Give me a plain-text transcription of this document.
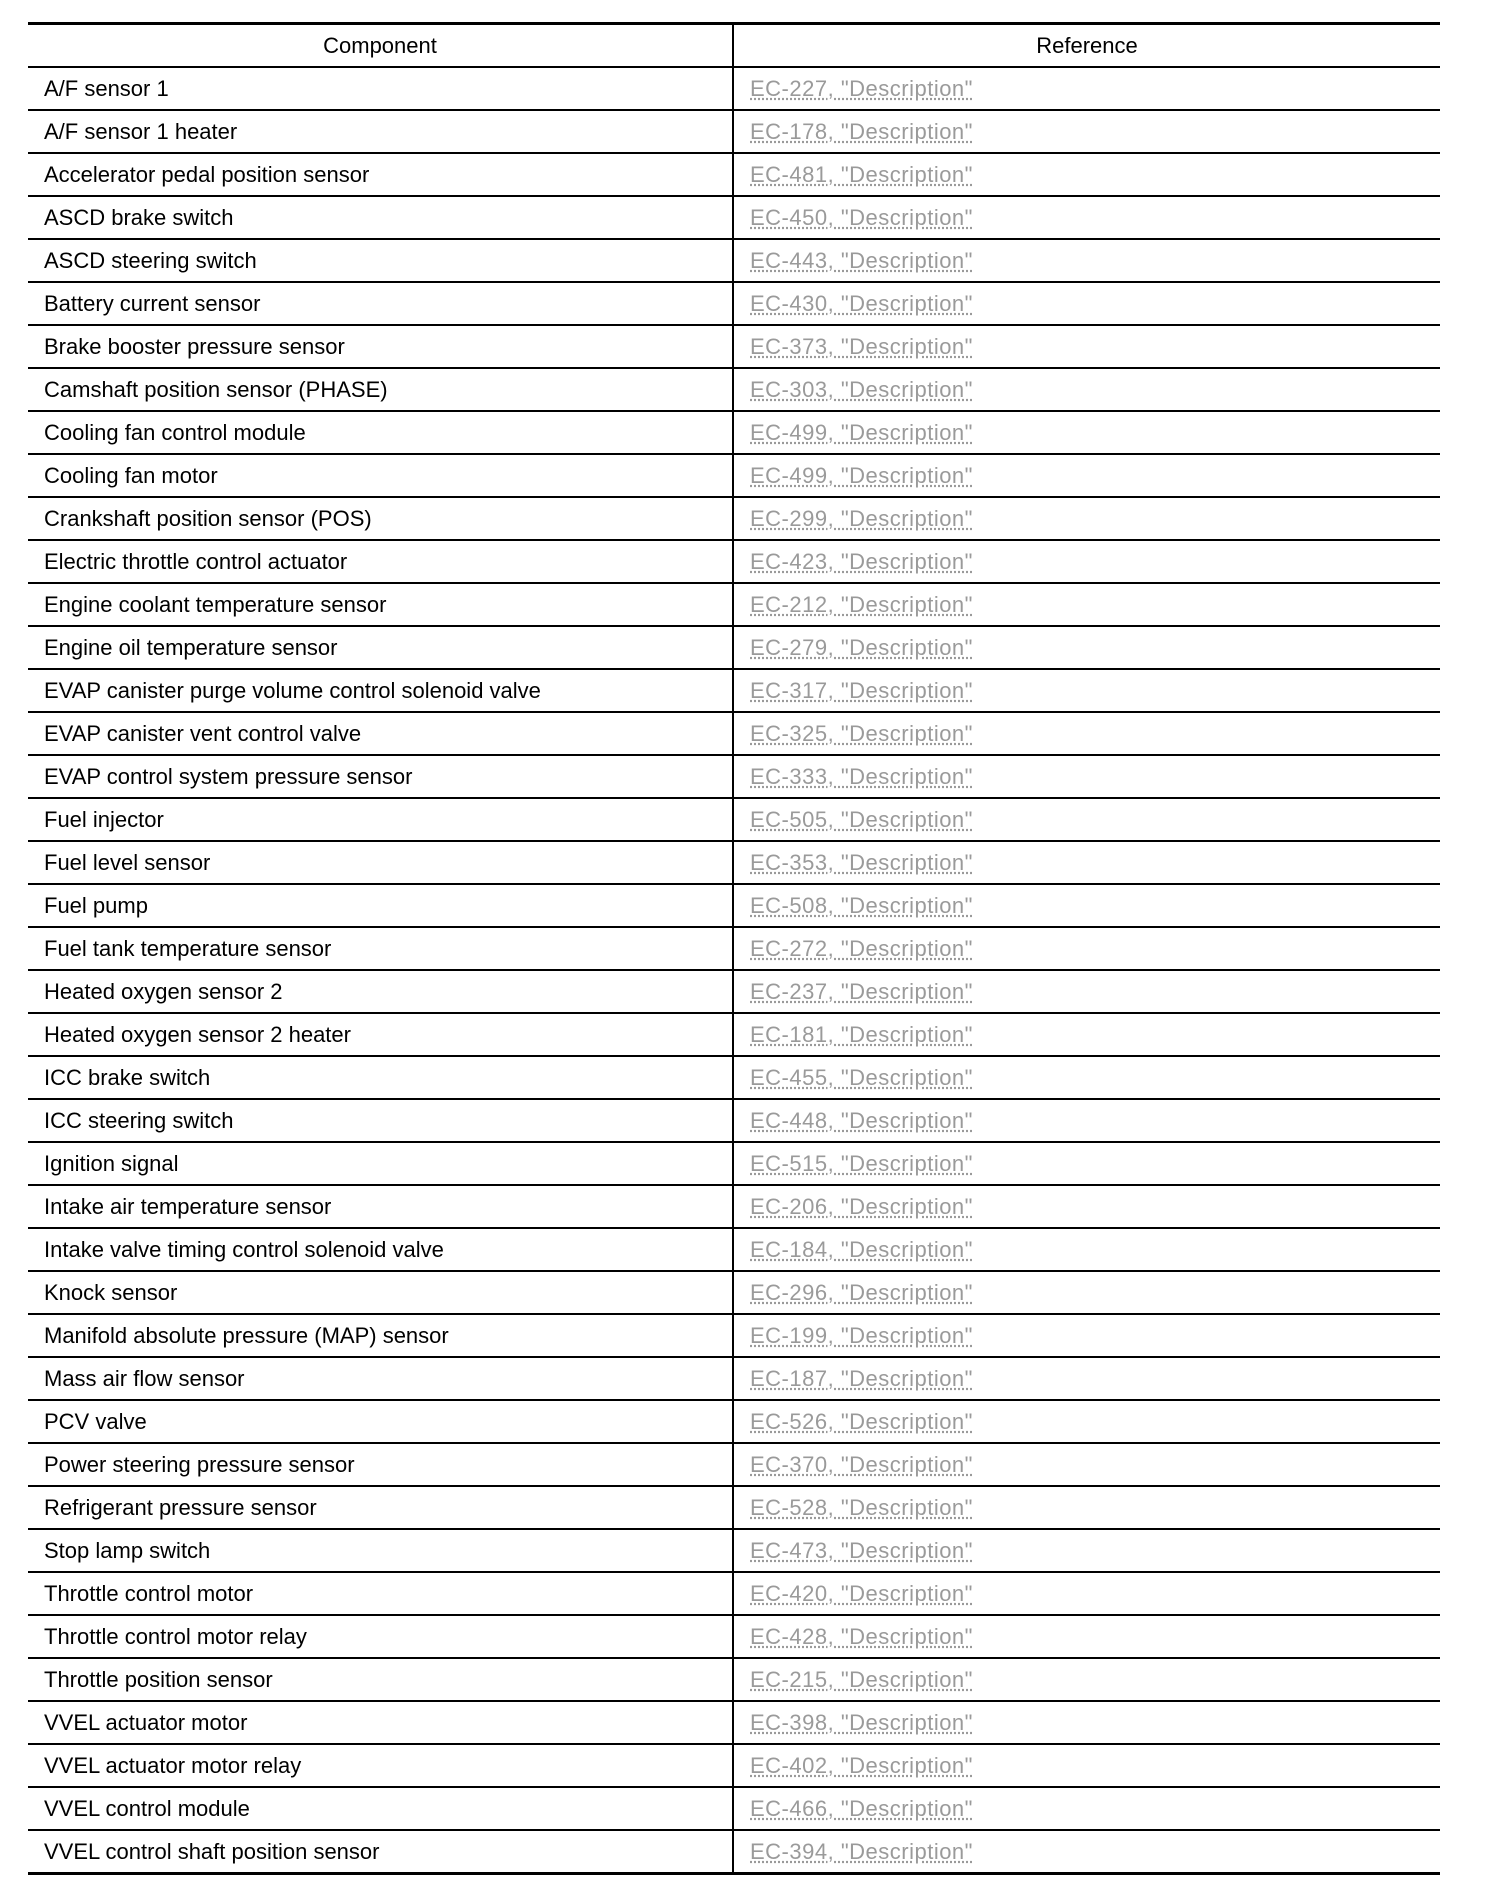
Component	Reference
A/F sensor 1	EC-227, "Description"
A/F sensor 1 heater	EC-178, "Description"
Accelerator pedal position sensor	EC-481, "Description"
ASCD brake switch	EC-450, "Description"
ASCD steering switch	EC-443, "Description"
Battery current sensor	EC-430, "Description"
Brake booster pressure sensor	EC-373, "Description"
Camshaft position sensor (PHASE)	EC-303, "Description"
Cooling fan control module	EC-499, "Description"
Cooling fan motor	EC-499, "Description"
Crankshaft position sensor (POS)	EC-299, "Description"
Electric throttle control actuator	EC-423, "Description"
Engine coolant temperature sensor	EC-212, "Description"
Engine oil temperature sensor	EC-279, "Description"
EVAP canister purge volume control solenoid valve	EC-317, "Description"
EVAP canister vent control valve	EC-325, "Description"
EVAP control system pressure sensor	EC-333, "Description"
Fuel injector	EC-505, "Description"
Fuel level sensor	EC-353, "Description"
Fuel pump	EC-508, "Description"
Fuel tank temperature sensor	EC-272, "Description"
Heated oxygen sensor 2	EC-237, "Description"
Heated oxygen sensor 2 heater	EC-181, "Description"
ICC brake switch	EC-455, "Description"
ICC steering switch	EC-448, "Description"
Ignition signal	EC-515, "Description"
Intake air temperature sensor	EC-206, "Description"
Intake valve timing control solenoid valve	EC-184, "Description"
Knock sensor	EC-296, "Description"
Manifold absolute pressure (MAP) sensor	EC-199, "Description"
Mass air flow sensor	EC-187, "Description"
PCV valve	EC-526, "Description"
Power steering pressure sensor	EC-370, "Description"
Refrigerant pressure sensor	EC-528, "Description"
Stop lamp switch	EC-473, "Description"
Throttle control motor	EC-420, "Description"
Throttle control motor relay	EC-428, "Description"
Throttle position sensor	EC-215, "Description"
VVEL actuator motor	EC-398, "Description"
VVEL actuator motor relay	EC-402, "Description"
VVEL control module	EC-466, "Description"
VVEL control shaft position sensor	EC-394, "Description"
